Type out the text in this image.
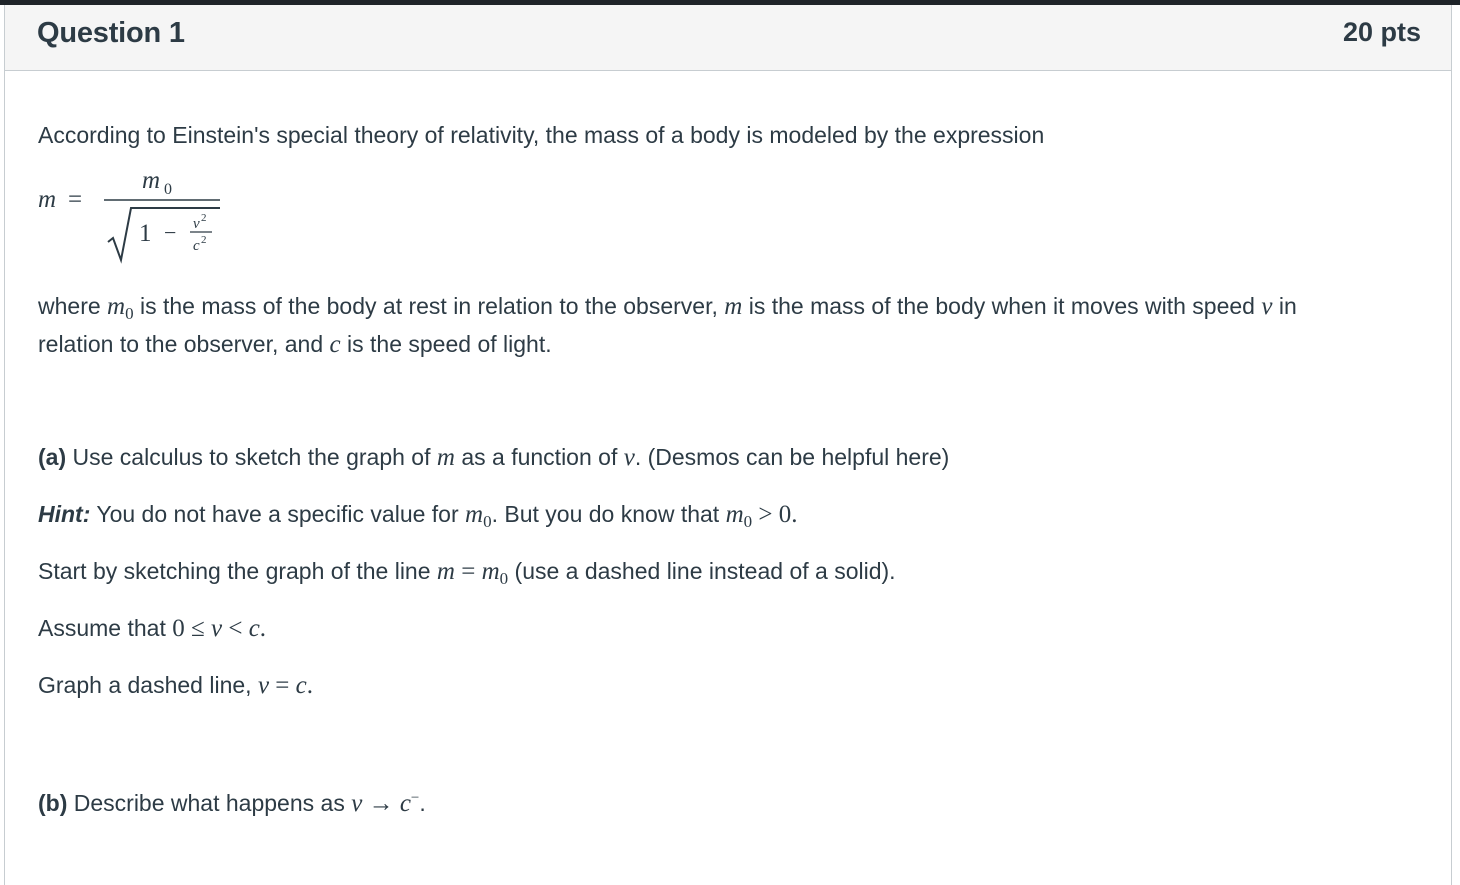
Question 1	20 pts
According to Einstein's special theory of relativity, the mass of a body is modeled by the expression
m =
m 0
1 − v 2
c 2
where $m_0$ is the mass of the body at rest in relation to the observer, m is the mass of the body when it moves with speed v in
relation to the observer, and c is the speed of light.
(a) Use calculus to sketch the graph of m as a function of v. (Desmos can be helpful here)
Hint: You do not have a specific value for $m_0$. But you do know that $m_0 > 0$.
Start by sketching the graph of the line $m = m_0$ (use a dashed line instead of a solid).
Assume that 0 ≤ v < c.
Graph a dashed line, v = c.
(b) Describe what happens as v → c−.
